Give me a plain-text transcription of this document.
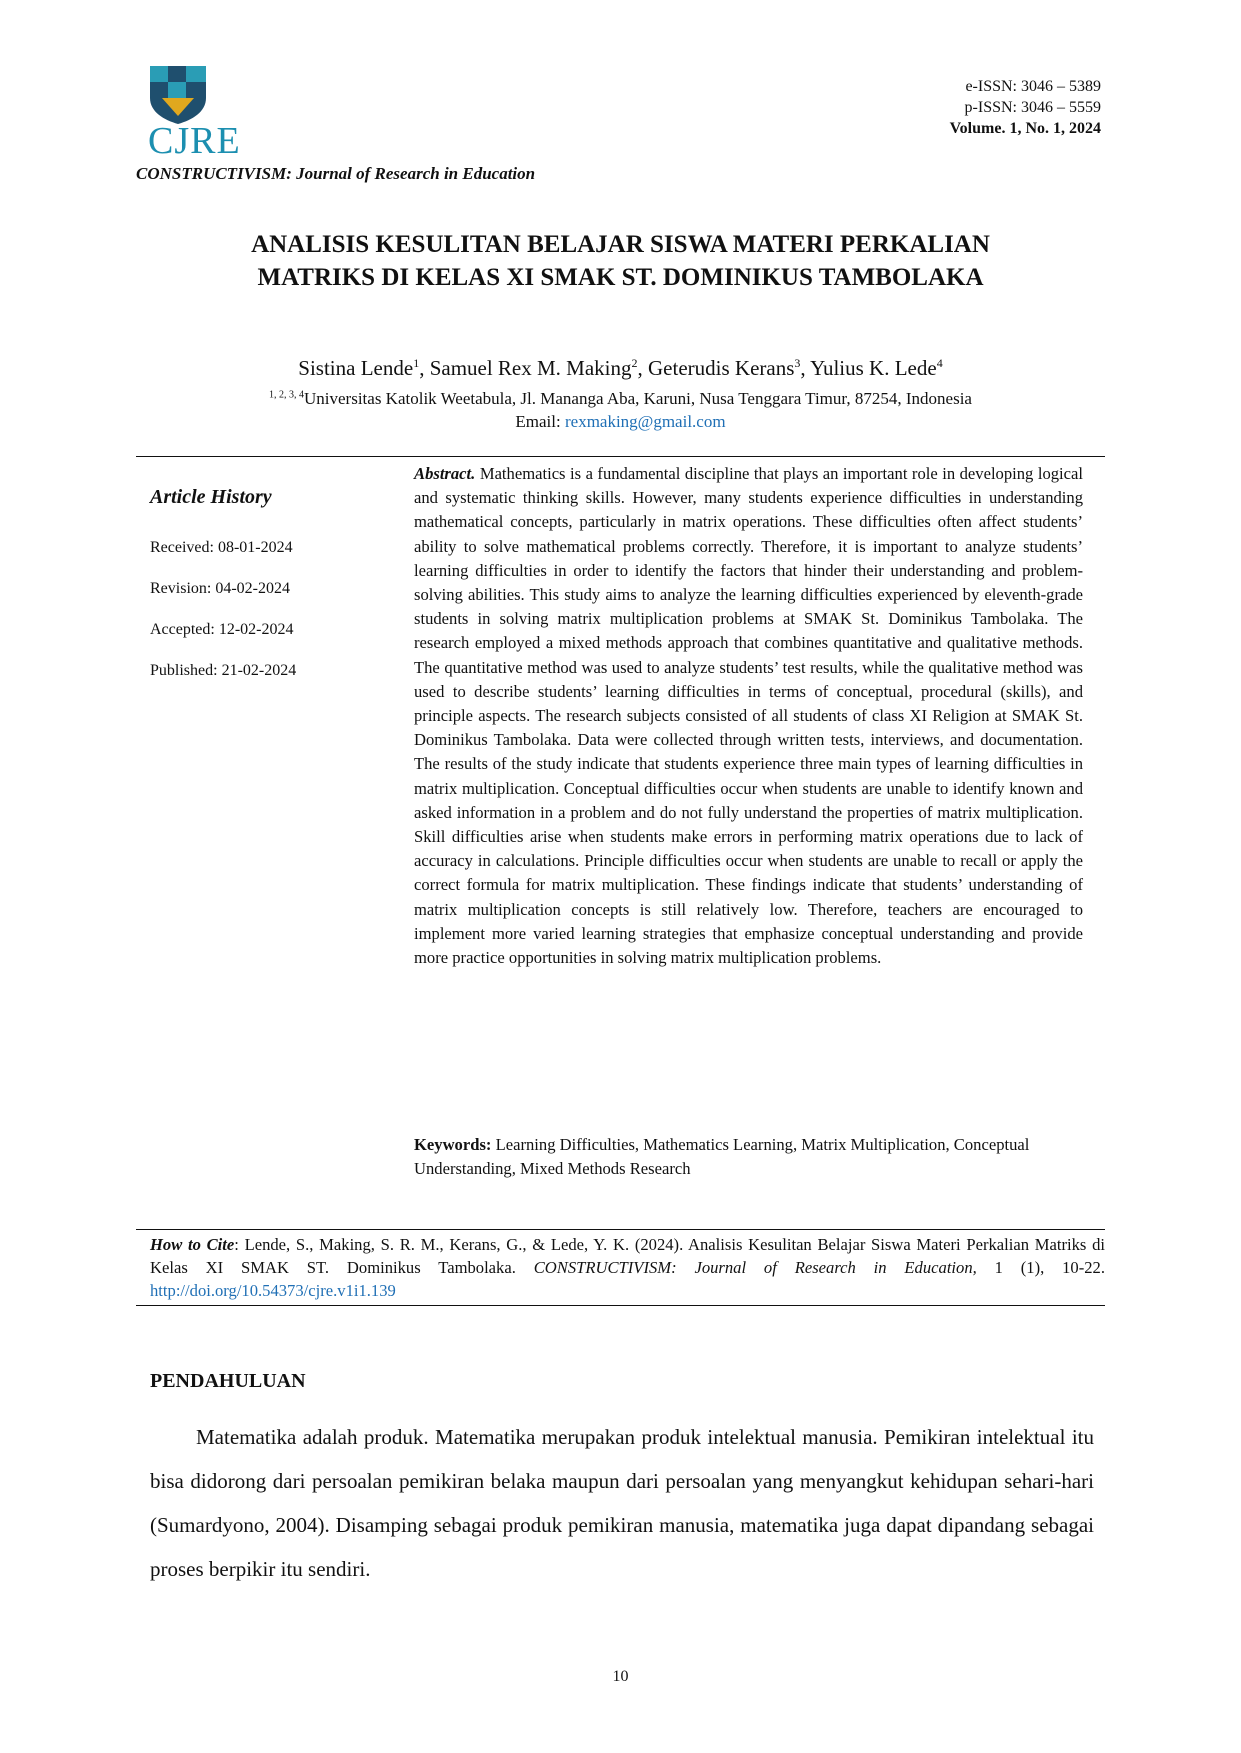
CJRE
CONSTRUCTIVISM: Journal of Research in Education
e-ISSN: 3046 – 5389
p-ISSN: 3046 – 5559
Volume. 1, No. 1, 2024
ANALISIS KESULITAN BELAJAR SISWA MATERI PERKALIAN
MATRIKS DI KELAS XI SMAK ST. DOMINIKUS TAMBOLAKA
Sistina Lende$^1$, Samuel Rex M. Making$^2$, Geterudis Kerans$^3$, Yulius K. Lede$^4$
$^{1, 2, 3, 4}$Universitas Katolik Weetabula, Jl. Mananga Aba, Karuni, Nusa Tenggara Timur, 87254, Indonesia
Email: rexmaking@gmail.com
Article History

Received: 08-01-2024

Revision: 04-02-2024

Accepted: 12-02-2024

Published: 21-02-2024

Abstract. Mathematics is a fundamental discipline that plays an important role in developing logical and systematic thinking skills. However, many students experience difficulties in understanding mathematical concepts, particularly in matrix operations. These difficulties often affect students’ ability to solve mathematical problems correctly. Therefore, it is important to analyze students’ learning difficulties in order to identify the factors that hinder their understanding and problem-solving abilities. This study aims to analyze the learning difficulties experienced by eleventh-grade students in solving matrix multiplication problems at SMAK St. Dominikus Tambolaka. The research employed a mixed methods approach that combines quantitative and qualitative methods. The quantitative method was used to analyze students’ test results, while the qualitative method was used to describe students’ learning difficulties in terms of conceptual, procedural (skills), and principle aspects. The research subjects consisted of all students of class XI Religion at SMAK St. Dominikus Tambolaka. Data were collected through written tests, interviews, and documentation. The results of the study indicate that students experience three main types of learning difficulties in matrix multiplication. Conceptual difficulties occur when students are unable to identify known and asked information in a problem and do not fully understand the properties of matrix multiplication. Skill difficulties arise when students make errors in performing matrix operations due to lack of accuracy in calculations. Principle difficulties occur when students are unable to recall or apply the correct formula for matrix multiplication. These findings indicate that students’ understanding of matrix multiplication concepts is still relatively low. Therefore, teachers are encouraged to implement more varied learning strategies that emphasize conceptual understanding and provide more practice opportunities in solving matrix multiplication problems.
Keywords: Learning Difficulties, Mathematics Learning, Matrix Multiplication, Conceptual Understanding, Mixed Methods Research
How to Cite: Lende, S., Making, S. R. M., Kerans, G., & Lede, Y. K. (2024). Analisis Kesulitan Belajar Siswa Materi Perkalian Matriks di Kelas XI SMAK ST. Dominikus Tambolaka. CONSTRUCTIVISM: Journal of Research in Education, 1 (1), 10-22. http://doi.org/10.54373/cjre.v1i1.139
PENDAHULUAN
Matematika adalah produk. Matematika merupakan produk intelektual manusia. Pemikiran intelektual itu bisa didorong dari persoalan pemikiran belaka maupun dari persoalan yang menyangkut kehidupan sehari-hari (Sumardyono, 2004). Disamping sebagai produk pemikiran manusia, matematika juga dapat dipandang sebagai proses berpikir itu sendiri.
10
